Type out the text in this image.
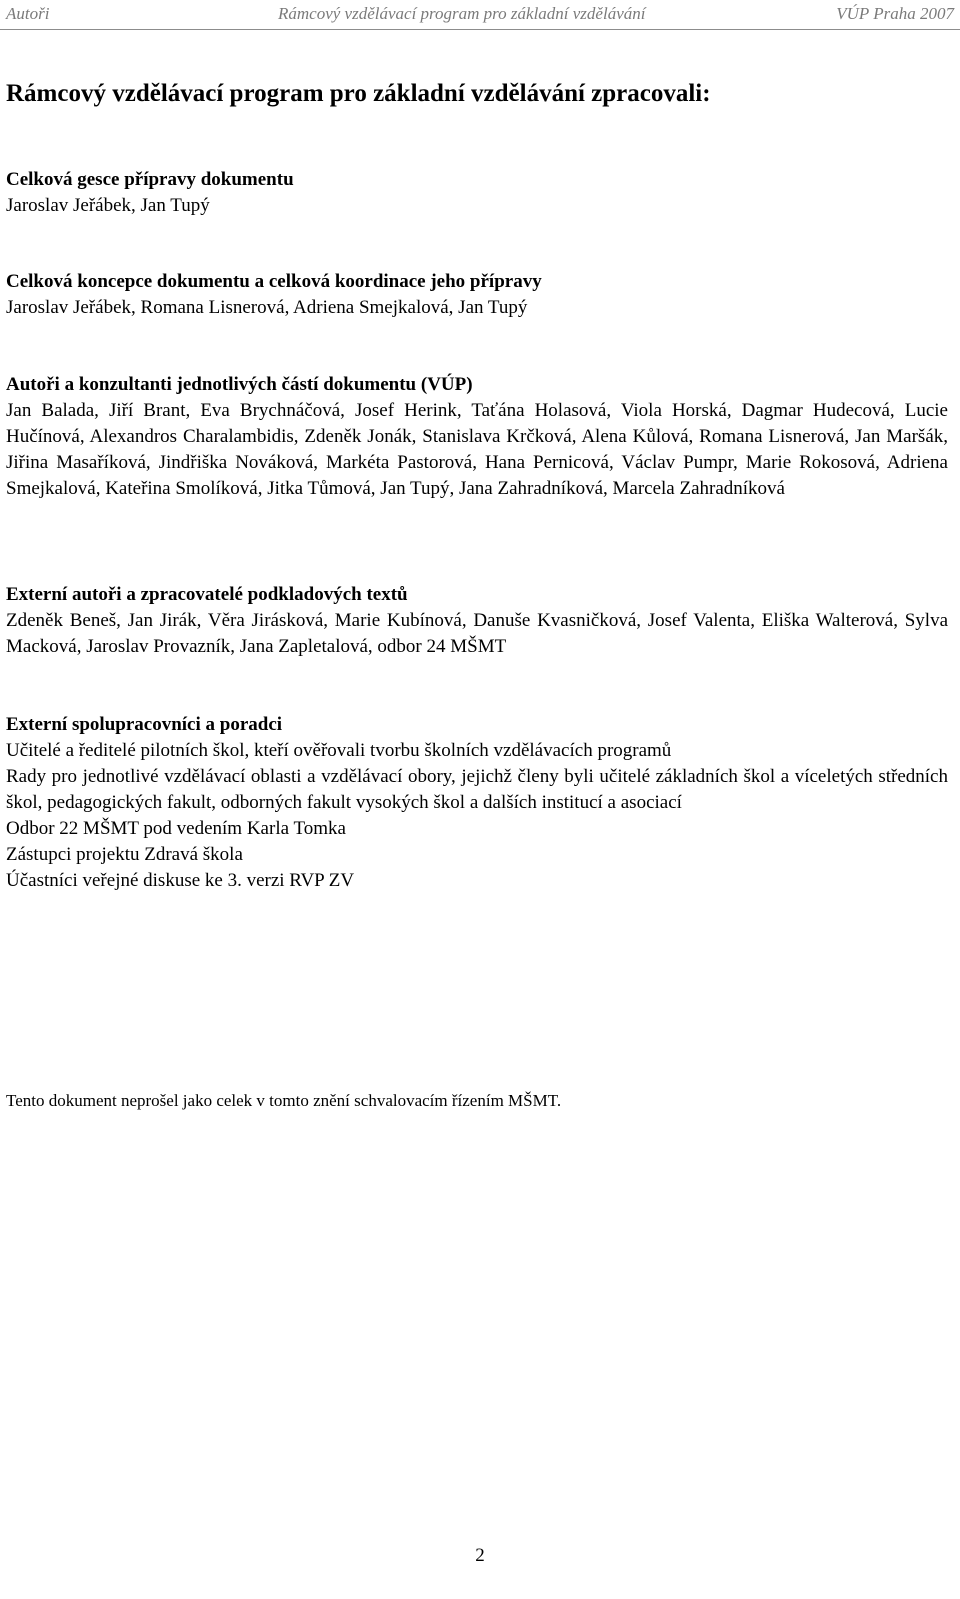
Autoři	Rámcový vzdělávací program pro základní vzdělávání	VÚP Praha 2007
Rámcový vzdělávací program pro základní vzdělávání zpracovali:
Celková gesce přípravy dokumentu

Jaroslav Jeřábek, Jan Tupý

Celková koncepce dokumentu a celková koordinace jeho přípravy

Jaroslav Jeřábek, Romana Lisnerová, Adriena Smejkalová, Jan Tupý

Autoři a konzultanti jednotlivých částí dokumentu (VÚP)

Jan Balada, Jiří Brant, Eva Brychnáčová, Josef Herink, Taťána Holasová, Viola Horská, Dagmar Hudecová, Lucie Hučínová, Alexandros Charalambidis, Zdeněk Jonák, Stanislava Krčková, Alena Kůlová, Romana Lisnerová, Jan Maršák, Jiřina Masaříková, Jindřiška Nováková, Markéta Pastorová, Hana Pernicová, Václav Pumpr, Marie Rokosová, Adriena Smejkalová, Kateřina Smolíková, Jitka Tůmová, Jan Tupý, Jana Zahradníková, Marcela Zahradníková

Externí autoři a zpracovatelé podkladových textů

Zdeněk Beneš, Jan Jirák, Věra Jirásková, Marie Kubínová, Danuše Kvasničková, Josef Valenta, Eliška Walterová, Sylva Macková, Jaroslav Provazník, Jana Zapletalová, odbor 24 MŠMT

Externí spolupracovníci a poradci

Učitelé a ředitelé pilotních škol, kteří ověřovali tvorbu školních vzdělávacích programů

Rady pro jednotlivé vzdělávací oblasti a vzdělávací obory, jejichž členy byli učitelé základních škol a víceletých středních škol, pedagogických fakult, odborných fakult vysokých škol a dalších institucí a asociací

Odbor 22 MŠMT pod vedením Karla Tomka

Zástupci projektu Zdravá škola

Účastníci veřejné diskuse ke 3. verzi RVP ZV

Tento dokument neprošel jako celek v tomto znění schvalovacím řízením MŠMT.

2
